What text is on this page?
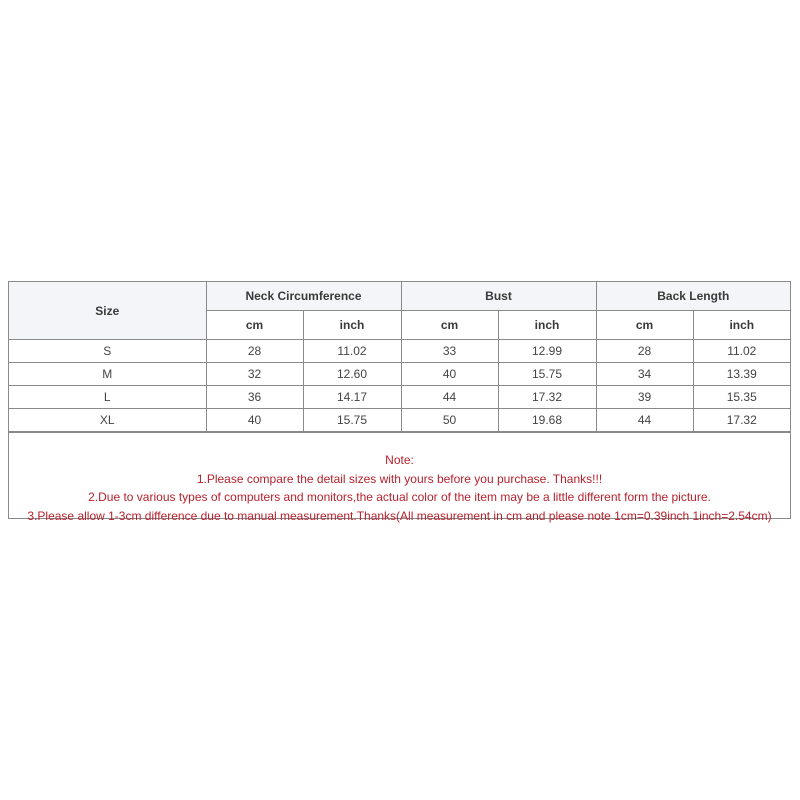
Size	Neck Circumference		Bust		Back Length	
	cm	inch	cm	inch	cm	inch
S	28	11.02	33	12.99	28	11.02
M	32	12.60	40	15.75	34	13.39
L	36	14.17	44	17.32	39	15.35
XL	40	15.75	50	19.68	44	17.32
Note:
1.Please compare the detail sizes with yours before you purchase. Thanks!!!
2.Due to various types of computers and monitors,the actual color of the item may be a little different form the picture.
3.Please allow 1-3cm difference due to manual measurement.Thanks(All measurement in cm and please note 1cm=0.39inch 1inch=2.54cm)
